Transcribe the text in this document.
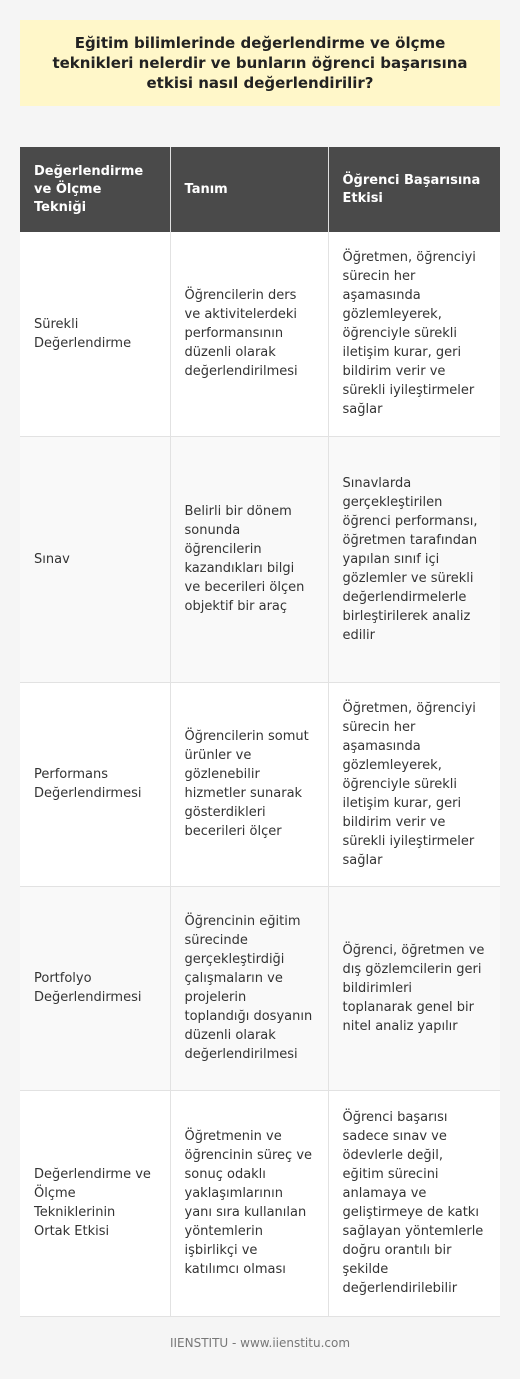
Eğitim bilimlerinde değerlendirme ve ölçme teknikleri nelerdir ve bunların öğrenci başarısına etkisi nasıl değerlendirilir?
Değerlendirme ve Ölçme Tekniği	Tanım	Öğrenci Başarısına Etkisi
Sürekli Değerlendirme	Öğrencilerin ders ve aktivitelerdeki performansının düzenli olarak değerlendirilmesi	Öğretmen, öğrenciyi sürecin her aşamasında gözlemleyerek, öğrenciyle sürekli iletişim kurar, geri bildirim verir ve sürekli iyileştirmeler sağlar
Sınav	Belirli bir dönem sonunda öğrencilerin kazandıkları bilgi ve becerileri ölçen objektif bir araç	Sınavlarda gerçekleştirilen öğrenci performansı, öğretmen tarafından yapılan sınıf içi gözlemler ve sürekli değerlendirmelerle birleştirilerek analiz edilir
Performans Değerlendirmesi	Öğrencilerin somut ürünler ve gözlenebilir hizmetler sunarak gösterdikleri becerileri ölçer	Öğretmen, öğrenciyi sürecin her aşamasında gözlemleyerek, öğrenciyle sürekli iletişim kurar, geri bildirim verir ve sürekli iyileştirmeler sağlar
Portfolyo Değerlendirmesi	Öğrencinin eğitim sürecinde gerçekleştirdiği çalışmaların ve projelerin toplandığı dosyanın düzenli olarak değerlendirilmesi	Öğrenci, öğretmen ve dış gözlemcilerin geri bildirimleri toplanarak genel bir nitel analiz yapılır
Değerlendirme ve Ölçme Tekniklerinin Ortak Etkisi	Öğretmenin ve öğrencinin süreç ve sonuç odaklı yaklaşımlarının yanı sıra kullanılan yöntemlerin işbirlikçi ve katılımcı olması	Öğrenci başarısı sadece sınav ve ödevlerle değil, eğitim sürecini anlamaya ve geliştirmeye de katkı sağlayan yöntemlerle doğru orantılı bir şekilde değerlendirilebilir
IIENSTITU - www.iienstitu.com
